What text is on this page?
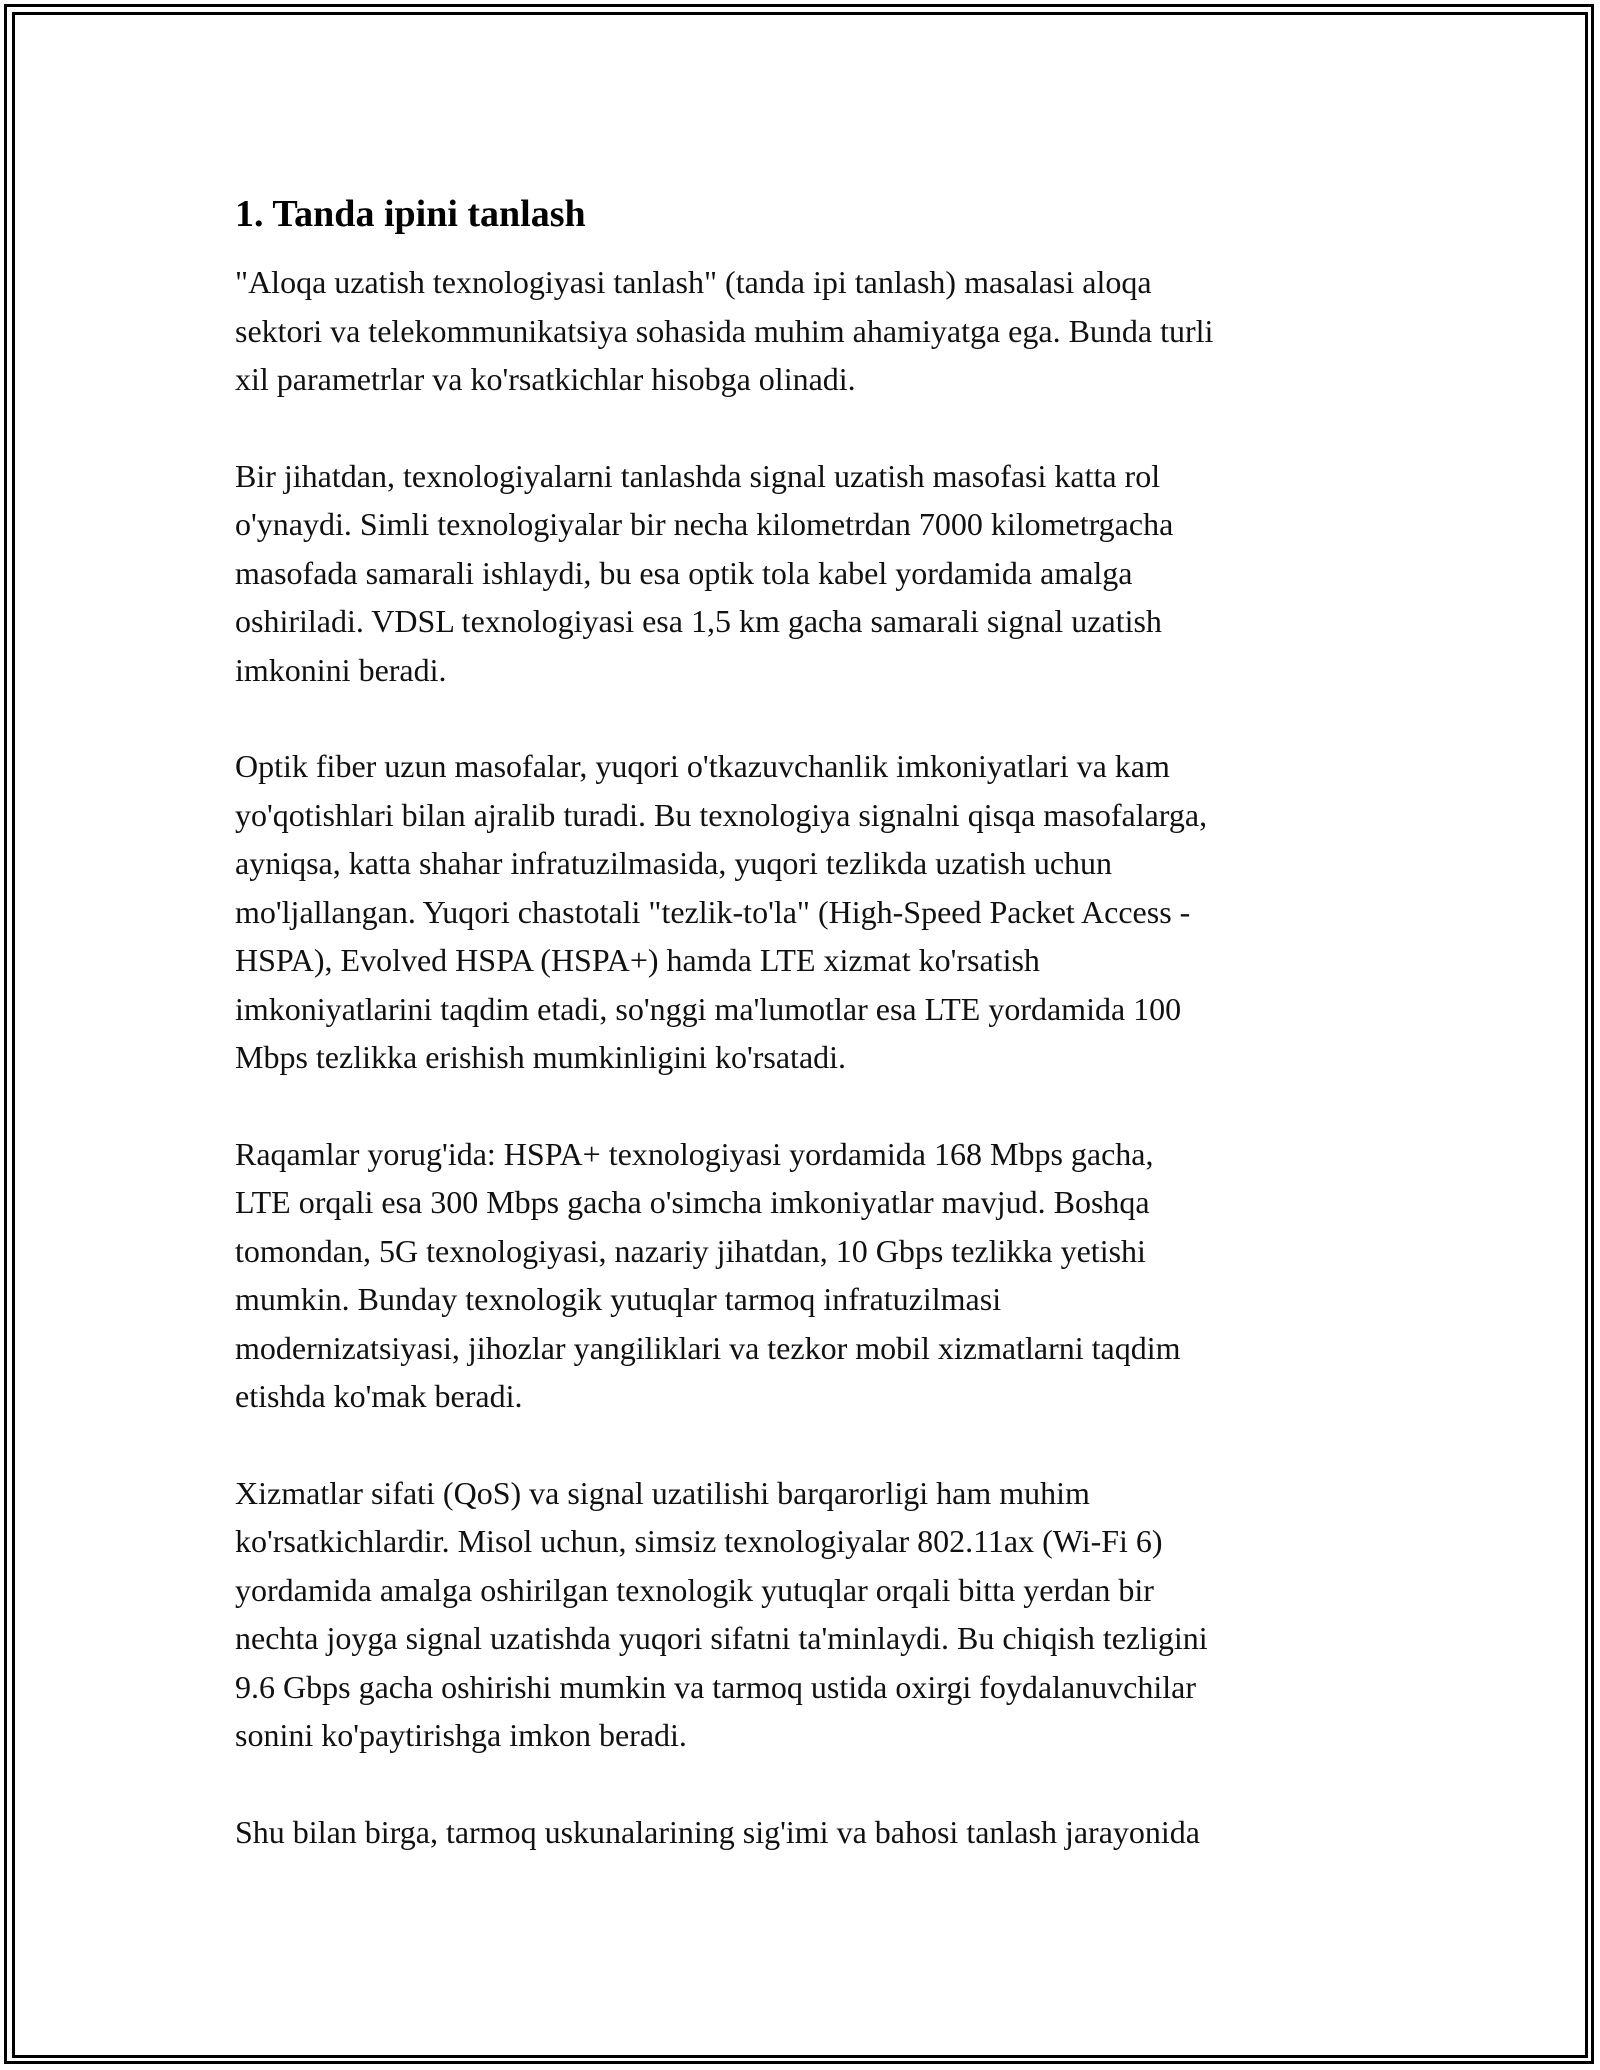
1. Tanda ipini tanlash

"Aloqa uzatish texnologiyasi tanlash" (tanda ipi tanlash) masalasi aloqa
sektori va telekommunikatsiya sohasida muhim ahamiyatga ega. Bunda turli
xil parametrlar va ko'rsatkichlar hisobga olinadi.

Bir jihatdan, texnologiyalarni tanlashda signal uzatish masofasi katta rol
o'ynaydi. Simli texnologiyalar bir necha kilometrdan 7000 kilometrgacha
masofada samarali ishlaydi, bu esa optik tola kabel yordamida amalga
oshiriladi. VDSL texnologiyasi esa 1,5 km gacha samarali signal uzatish
imkonini beradi.

Optik fiber uzun masofalar, yuqori o'tkazuvchanlik imkoniyatlari va kam
yo'qotishlari bilan ajralib turadi. Bu texnologiya signalni qisqa masofalarga,
ayniqsa, katta shahar infratuzilmasida, yuqori tezlikda uzatish uchun
mo'ljallangan. Yuqori chastotali "tezlik-to'la" (High-Speed Packet Access -
HSPA), Evolved HSPA (HSPA+) hamda LTE xizmat ko'rsatish
imkoniyatlarini taqdim etadi, so'nggi ma'lumotlar esa LTE yordamida 100
Mbps tezlikka erishish mumkinligini ko'rsatadi.

Raqamlar yorug'ida: HSPA+ texnologiyasi yordamida 168 Mbps gacha,
LTE orqali esa 300 Mbps gacha o'simcha imkoniyatlar mavjud. Boshqa
tomondan, 5G texnologiyasi, nazariy jihatdan, 10 Gbps tezlikka yetishi
mumkin. Bunday texnologik yutuqlar tarmoq infratuzilmasi
modernizatsiyasi, jihozlar yangiliklari va tezkor mobil xizmatlarni taqdim
etishda ko'mak beradi.

Xizmatlar sifati (QoS) va signal uzatilishi barqarorligi ham muhim
ko'rsatkichlardir. Misol uchun, simsiz texnologiyalar 802.11ax (Wi-Fi 6)
yordamida amalga oshirilgan texnologik yutuqlar orqali bitta yerdan bir
nechta joyga signal uzatishda yuqori sifatni ta'minlaydi. Bu chiqish tezligini
9.6 Gbps gacha oshirishi mumkin va tarmoq ustida oxirgi foydalanuvchilar
sonini ko'paytirishga imkon beradi.

Shu bilan birga, tarmoq uskunalarining sig'imi va bahosi tanlash jarayonida
